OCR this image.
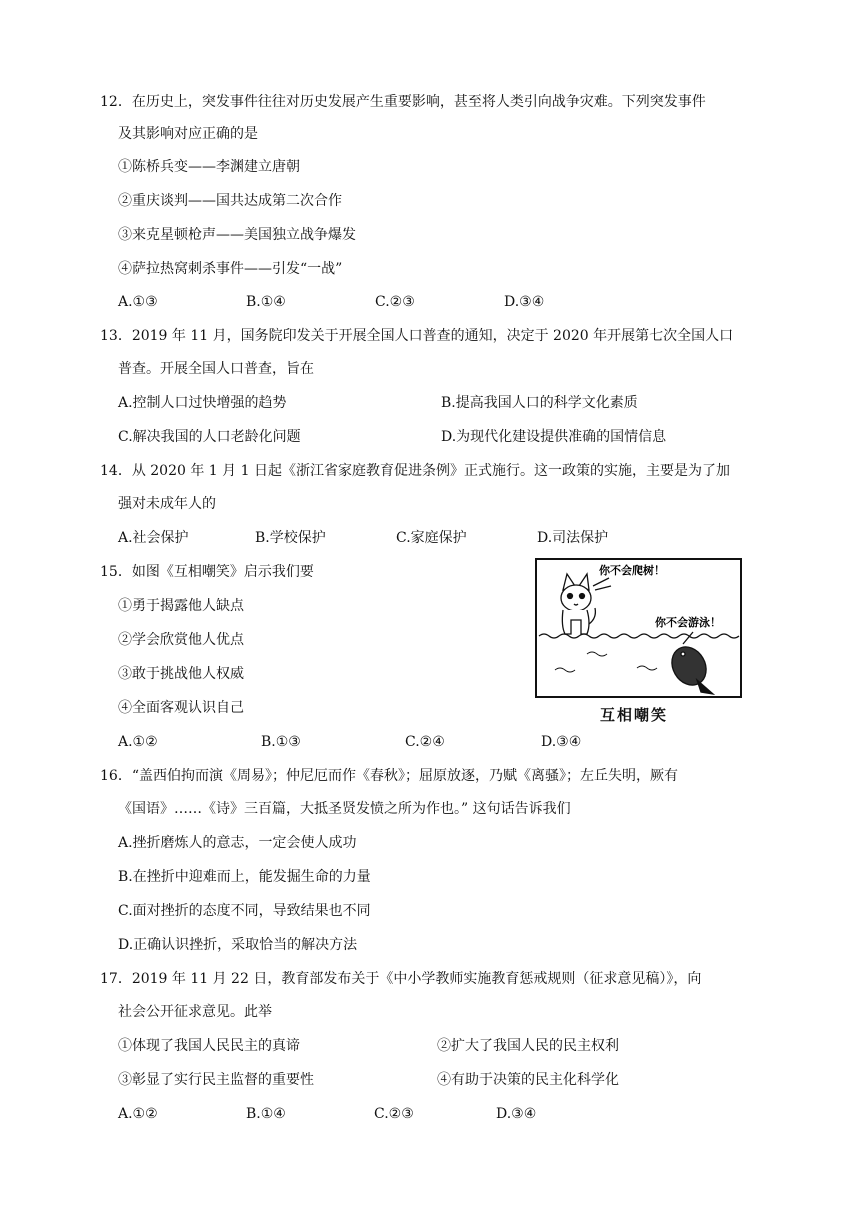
12．在历史上，突发事件往往对历史发展产生重要影响，甚至将人类引向战争灾难。下列突发事件
及其影响对应正确的是
①陈桥兵变——李渊建立唐朝
②重庆谈判——国共达成第二次合作
③来克星顿枪声——美国独立战争爆发
④萨拉热窝刺杀事件——引发“一战”
A.①③	B.①④	C.②③	D.③④
13．2019 年 11 月，国务院印发关于开展全国人口普查的通知，决定于 2020 年开展第七次全国人口
普查。开展全国人口普查，旨在
A.控制人口过快增强的趋势	B.提高我国人口的科学文化素质
C.解决我国的人口老龄化问题	D.为现代化建设提供准确的国情信息
14．从 2020 年 1 月 1 日起《浙江省家庭教育促进条例》正式施行。这一政策的实施，主要是为了加
强对未成年人的
A.社会保护	B.学校保护	C.家庭保护	D.司法保护
15．如图《互相嘲笑》启示我们要
①勇于揭露他人缺点
②学会欣赏他人优点
③敢于挑战他人权威
④全面客观认识自己
A.①②	B.①③	C.②④	D.③④
你不会爬树！
你不会游泳！
互相嘲笑
16．“盖西伯拘而演《周易》；仲尼厄而作《春秋》；屈原放逐，乃赋《离骚》；左丘失明，厥有
《国语》……《诗》三百篇，大抵圣贤发愤之所为作也。” 这句话告诉我们
A.挫折磨炼人的意志，一定会使人成功
B.在挫折中迎难而上，能发掘生命的力量
C.面对挫折的态度不同，导致结果也不同
D.正确认识挫折，采取恰当的解决方法
17．2019 年 11 月 22 日，教育部发布关于《中小学教师实施教育惩戒规则（征求意见稿）》，向
社会公开征求意见。此举
①体现了我国人民民主的真谛	②扩大了我国人民的民主权利
③彰显了实行民主监督的重要性	④有助于决策的民主化科学化
A.①②	B.①④	C.②③	D.③④
